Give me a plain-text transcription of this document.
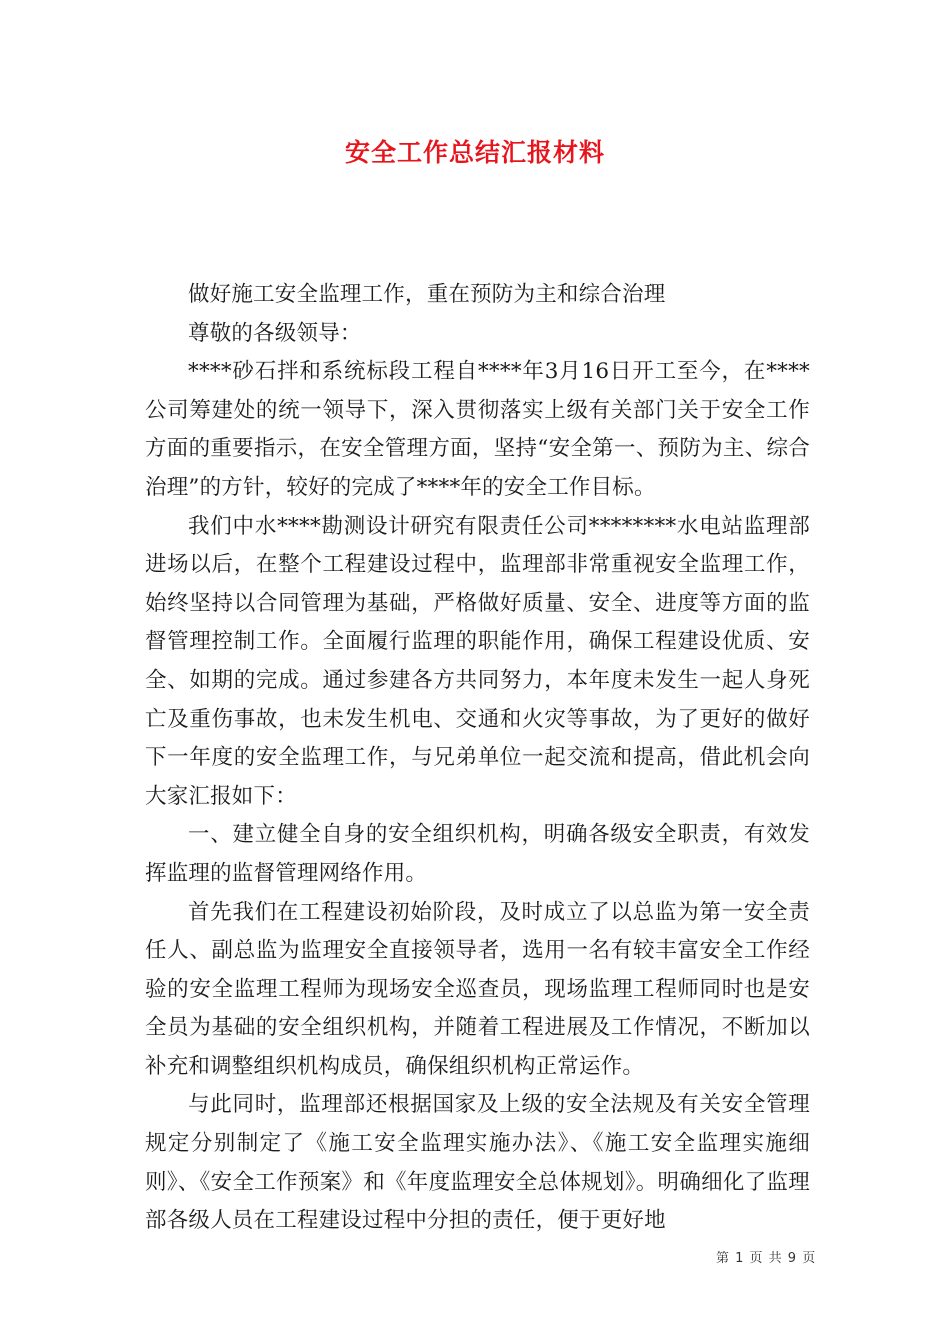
安全工作总结汇报材料

做好施工安全监理工作，重在预防为主和综合治理

尊敬的各级领导：

****砂石拌和系统标段工程自****年3月16日开工至今，在****公司筹建处的统一领导下，深入贯彻落实上级有关部门关于安全工作方面的重要指示，在安全管理方面，坚持“安全第一、预防为主、综合治理”的方针，较好的完成了****年的安全工作目标。

我们中水****勘测设计研究有限责任公司********水电站监理部进场以后，在整个工程建设过程中，监理部非常重视安全监理工作，始终坚持以合同管理为基础，严格做好质量、安全、进度等方面的监督管理控制工作。全面履行监理的职能作用，确保工程建设优质、安全、如期的完成。通过参建各方共同努力，本年度未发生一起人身死亡及重伤事故，也未发生机电、交通和火灾等事故，为了更好的做好下一年度的安全监理工作，与兄弟单位一起交流和提高，借此机会向大家汇报如下：

一、建立健全自身的安全组织机构，明确各级安全职责，有效发挥监理的监督管理网络作用。

首先我们在工程建设初始阶段，及时成立了以总监为第一安全责任人、副总监为监理安全直接领导者，选用一名有较丰富安全工作经验的安全监理工程师为现场安全巡查员，现场监理工程师同时也是安全员为基础的安全组织机构，并随着工程进展及工作情况，不断加以补充和调整组织机构成员，确保组织机构正常运作。

与此同时，监理部还根据国家及上级的安全法规及有关安全管理规定分别制定了《施工安全监理实施办法》、《施工安全监理实施细则》、《安全工作预案》和《年度监理安全总体规划》。明确细化了监理部各级人员在工程建设过程中分担的责任，便于更好地

第 1 页 共 9 页
